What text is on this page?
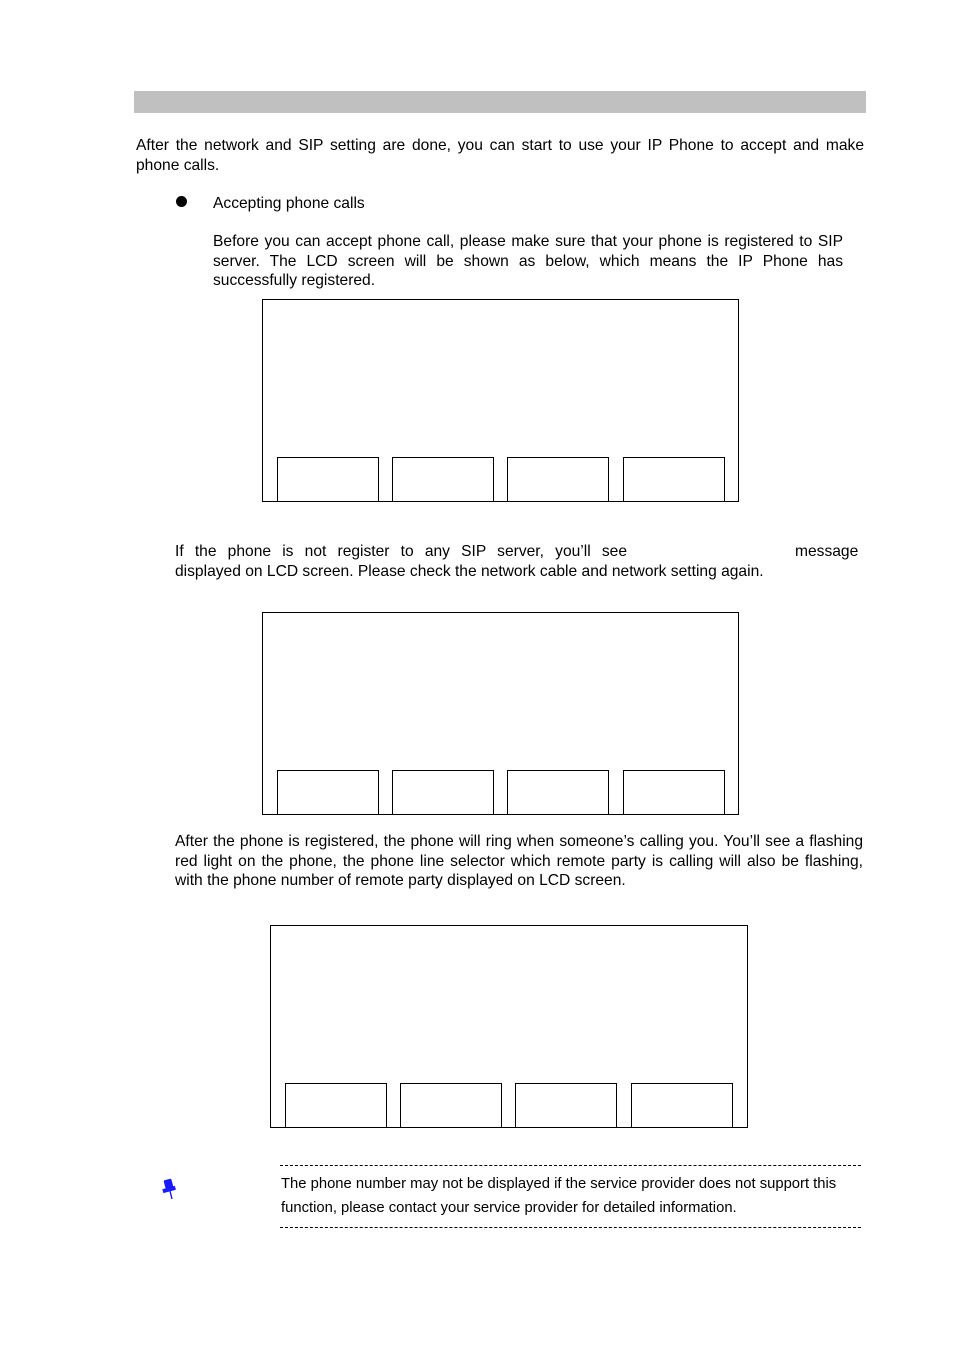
After the network and SIP setting are done, you can start to use your IP Phone to accept and make phone calls.

Accepting phone calls

Before you can accept phone call, please make sure that your phone is registered to SIP server. The LCD screen will be shown as below, which means the IP Phone has successfully registered.

If the phone is not register to any SIP server, you’ll see	message displayed on LCD screen. Please check the network cable and network setting again.

After the phone is registered, the phone will ring when someone’s calling you. You’ll see a flashing red light on the phone, the phone line selector which remote party is calling will also be flashing, with the phone number of remote party displayed on LCD screen.

The phone number may not be displayed if the service provider does not support this function, please contact your service provider for detailed information.
